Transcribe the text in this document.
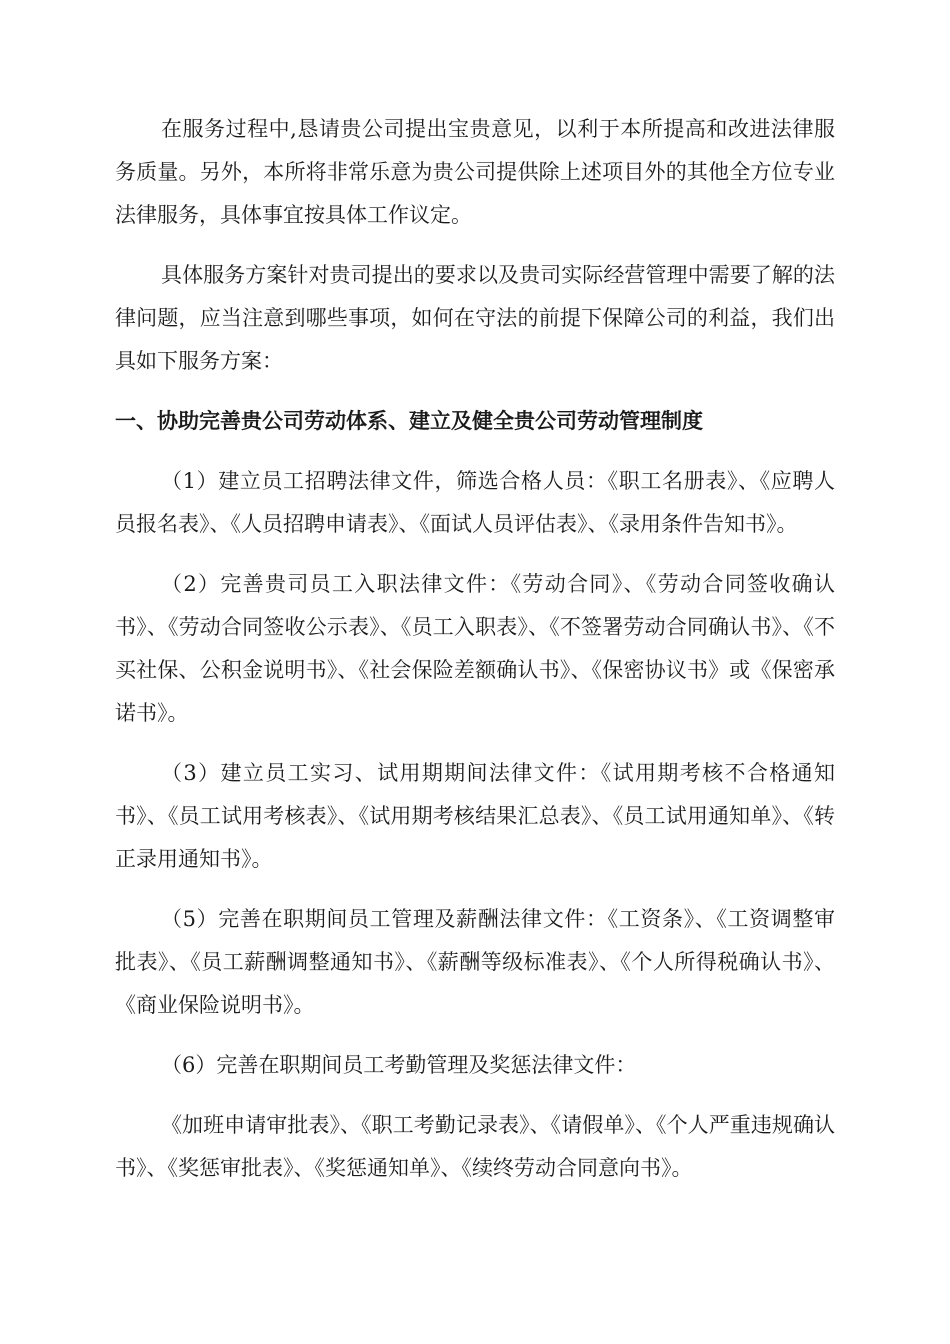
在服务过程中,恳请贵公司提出宝贵意见，以利于本所提高和改进法律服务质量。另外，本所将非常乐意为贵公司提供除上述项目外的其他全方位专业法律服务，具体事宜按具体工作议定。

具体服务方案针对贵司提出的要求以及贵司实际经营管理中需要了解的法律问题，应当注意到哪些事项，如何在守法的前提下保障公司的利益，我们出具如下服务方案：

一、协助完善贵公司劳动体系、建立及健全贵公司劳动管理制度

（1）建立员工招聘法律文件，筛选合格人员：《职工名册表》、《应聘人员报名表》、《人员招聘申请表》、《面试人员评估表》、《录用条件告知书》。

（2）完善贵司员工入职法律文件：《劳动合同》、《劳动合同签收确认书》、《劳动合同签收公示表》、《员工入职表》、《不签署劳动合同确认书》、《不买社保、公积金说明书》、《社会保险差额确认书》、《保密协议书》或《保密承诺书》。

（3）建立员工实习、试用期期间法律文件：《试用期考核不合格通知书》、《员工试用考核表》、《试用期考核结果汇总表》、《员工试用通知单》、《转正录用通知书》。

（5）完善在职期间员工管理及薪酬法律文件：《工资条》、《工资调整审批表》、《员工薪酬调整通知书》、《薪酬等级标准表》、《个人所得税确认书》、《商业保险说明书》。

（6）完善在职期间员工考勤管理及奖惩法律文件：

《加班申请审批表》、《职工考勤记录表》、《请假单》、《个人严重违规确认书》、《奖惩审批表》、《奖惩通知单》、《续终劳动合同意向书》。
